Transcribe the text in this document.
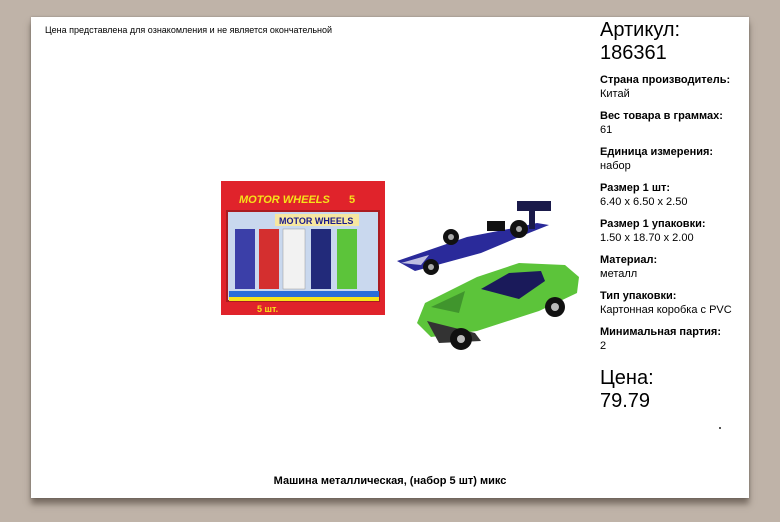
Цена представлена для ознакомления и не является окончательной
MOTOR WHEELS 5
MOTOR WHEELS
5 шт.
Артикул:
186361
Страна производитель:
Китай
Вес товара в граммах:
61
Единица измерения:
набор
Размер 1 шт:
6.40 x 6.50 x 2.50
Размер 1 упаковки:
1.50 x 18.70 x 2.00
Материал:
металл
Тип упаковки:
Картонная коробка с PVC
Минимальная партия:
2
Цена:
79.79
Машина металлическая, (набор 5 шт) микс
